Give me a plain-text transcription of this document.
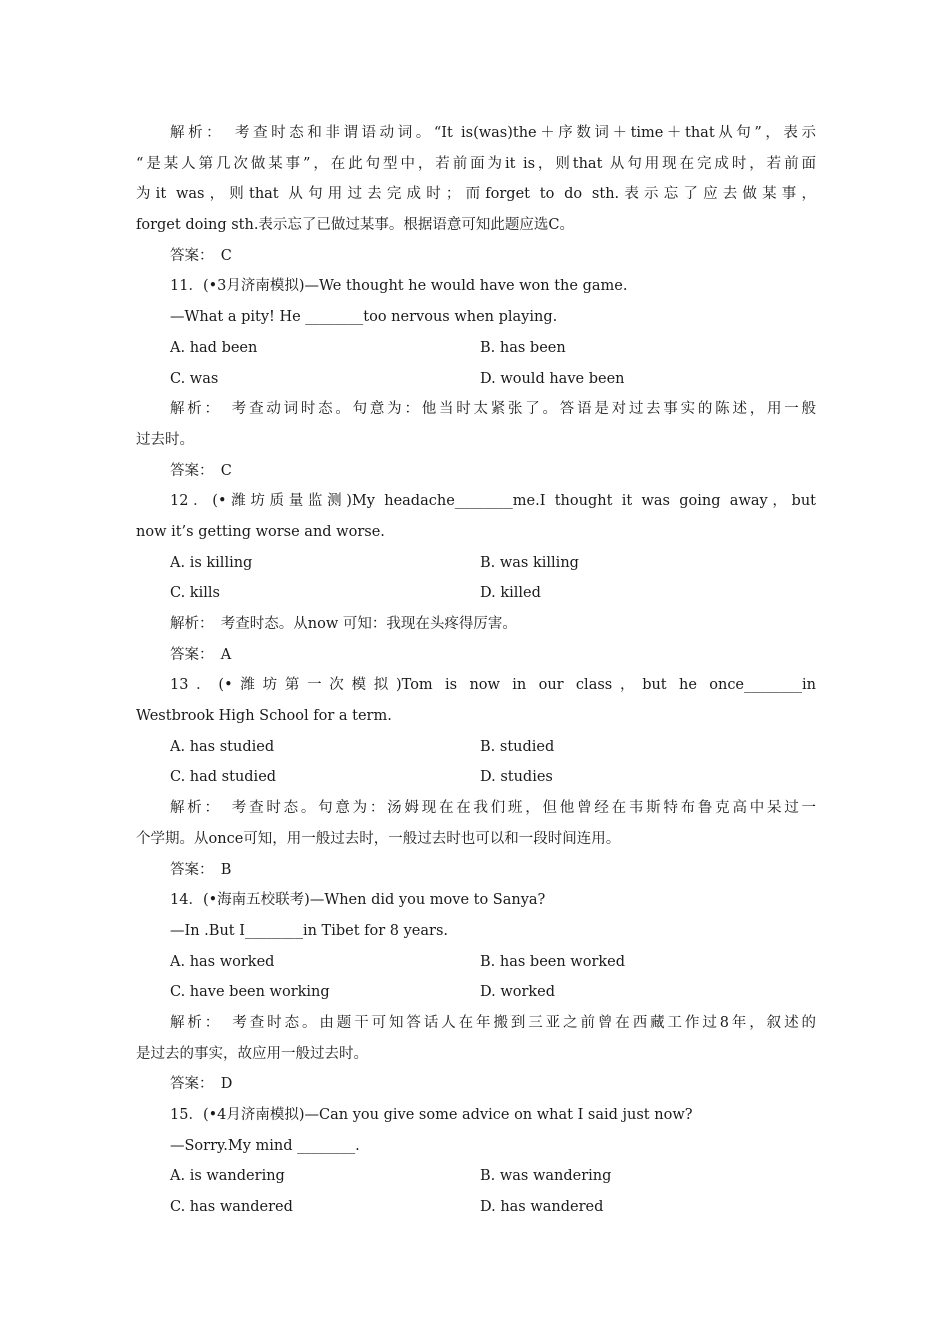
解析：　考查时态和非谓语动词。“It is(was)the＋序数词＋time＋that从句”，表示
“是某人第几次做某事”，在此句型中，若前面为it is，则that 从句用现在完成时，若前面
为it was，则that 从句用过去完成时；而forget to do sth.表示忘了应去做某事，
forget doing sth.表示忘了已做过某事。根据语意可知此题应选C。
答案：　C
11．(•3月济南模拟)—We thought he would have won the game.
—What a pity! He ________too nervous when playing.
A. had been	B. has been
C. was	D. would have been
解析：　考查动词时态。句意为：他当时太紧张了。答语是对过去事实的陈述，用一般
过去时。
答案：　C
12．(•潍坊质量监测)My headache________me.I thought it was going away，but
now it’s getting worse and worse.
A. is killing	B. was killing
C. kills	D. killed
解析：　考查时态。从now 可知：我现在头疼得厉害。
答案：　A
13．(•潍坊第一次模拟)Tom is now in our class，but he once________in
Westbrook High School for a term.
A. has studied	B. studied
C. had studied	D. studies
解析：　考查时态。句意为：汤姆现在在我们班，但他曾经在韦斯特布鲁克高中呆过一
个学期。从once可知，用一般过去时，一般过去时也可以和一段时间连用。
答案：　B
14．(•海南五校联考)—When did you move to Sanya?
—In .But I________in Tibet for 8 years.
A. has worked	B. has been worked
C. have been working	D. worked
解析：　考查时态。由题干可知答话人在年搬到三亚之前曾在西藏工作过8年，叙述的
是过去的事实，故应用一般过去时。
答案：　D
15．(•4月济南模拟)—Can you give some advice on what I said just now?
—Sorry.My mind ________.
A. is wandering	B. was wandering
C. has wandered	D. has wandered
